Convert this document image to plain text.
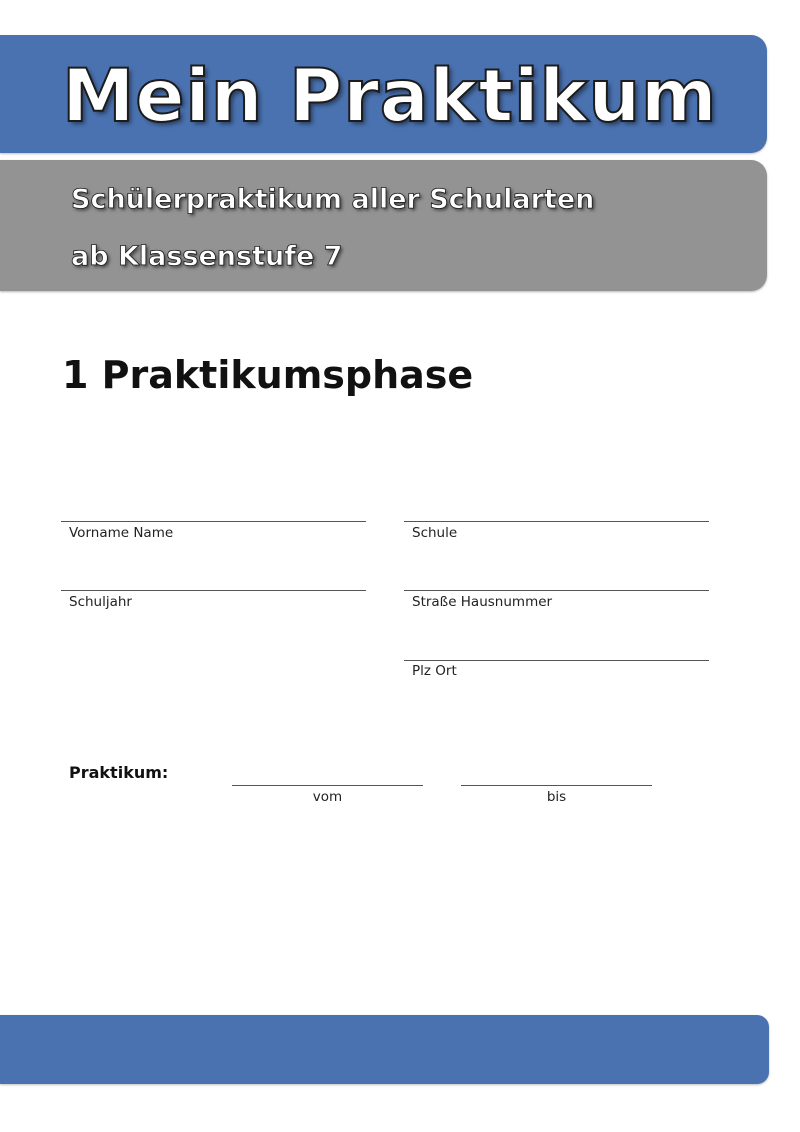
Mein Praktikum
Schülerpraktikum aller Schularten
ab Klassenstufe 7
1 Praktikumsphase
Vorname Name
Schuljahr
Schule
Straße Hausnummer
Plz Ort
Praktikum:
vom	bis
